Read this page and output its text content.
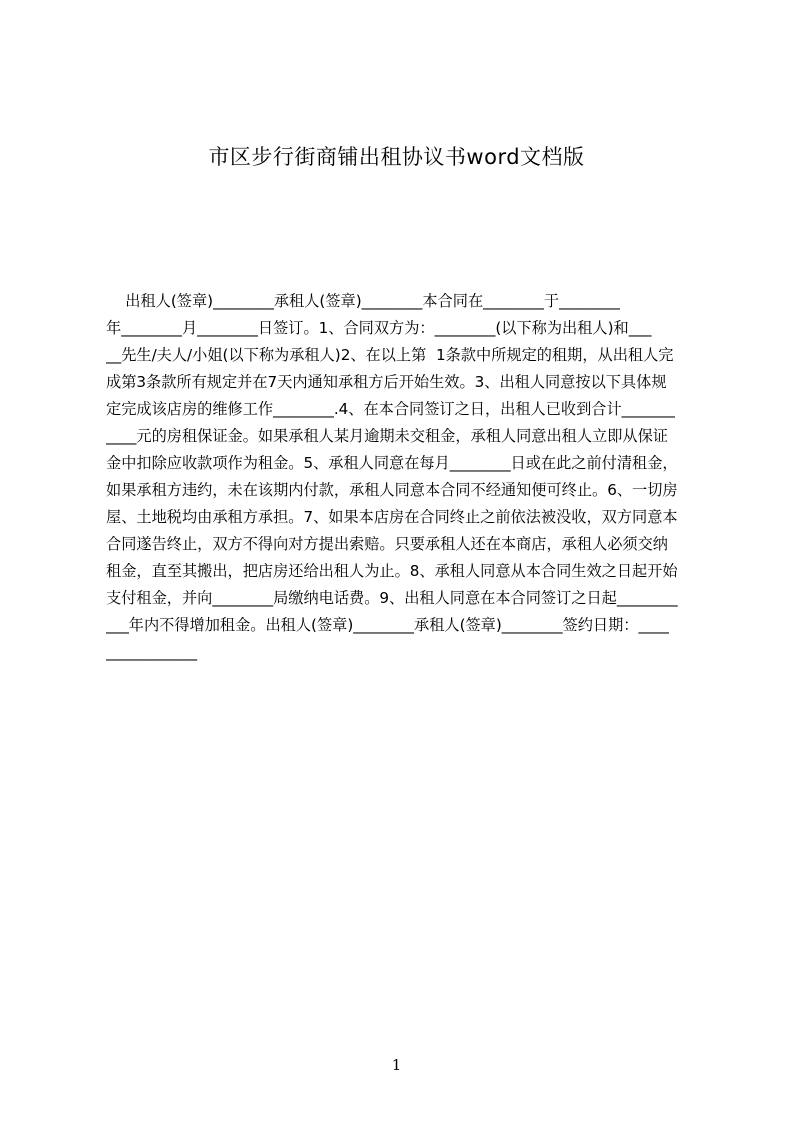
市区步行街商铺出租协议书word文档版
出租人(签章)________承租人(签章)________本合同在________于________
年________月________日签订。1、合同双方为：________(以下称为出租人)和___
__先生/夫人/小姐(以下称为承租人)2、在以上第  1条款中所规定的租期，从出租人完
成第3条款所有规定并在7天内通知承租方后开始生效。3、出租人同意按以下具体规
定完成该店房的维修工作________.4、在本合同签订之日，出租人已收到合计_______
____元的房租保证金。如果承租人某月逾期未交租金，承租人同意出租人立即从保证
金中扣除应收款项作为租金。5、承租人同意在每月________日或在此之前付清租金，
如果承租方违约，未在该期内付款，承租人同意本合同不经通知便可终止。6、一切房
屋、土地税均由承租方承担。7、如果本店房在合同终止之前依法被没收，双方同意本
合同遂告终止，双方不得向对方提出索赔。只要承租人还在本商店，承租人必须交纳
租金，直至其搬出，把店房还给出租人为止。8、承租人同意从本合同生效之日起开始
支付租金，并向________局缴纳电话费。9、出租人同意在本合同签订之日起________
___年内不得增加租金。出租人(签章)________承租人(签章)________签约日期：____
____________
1
